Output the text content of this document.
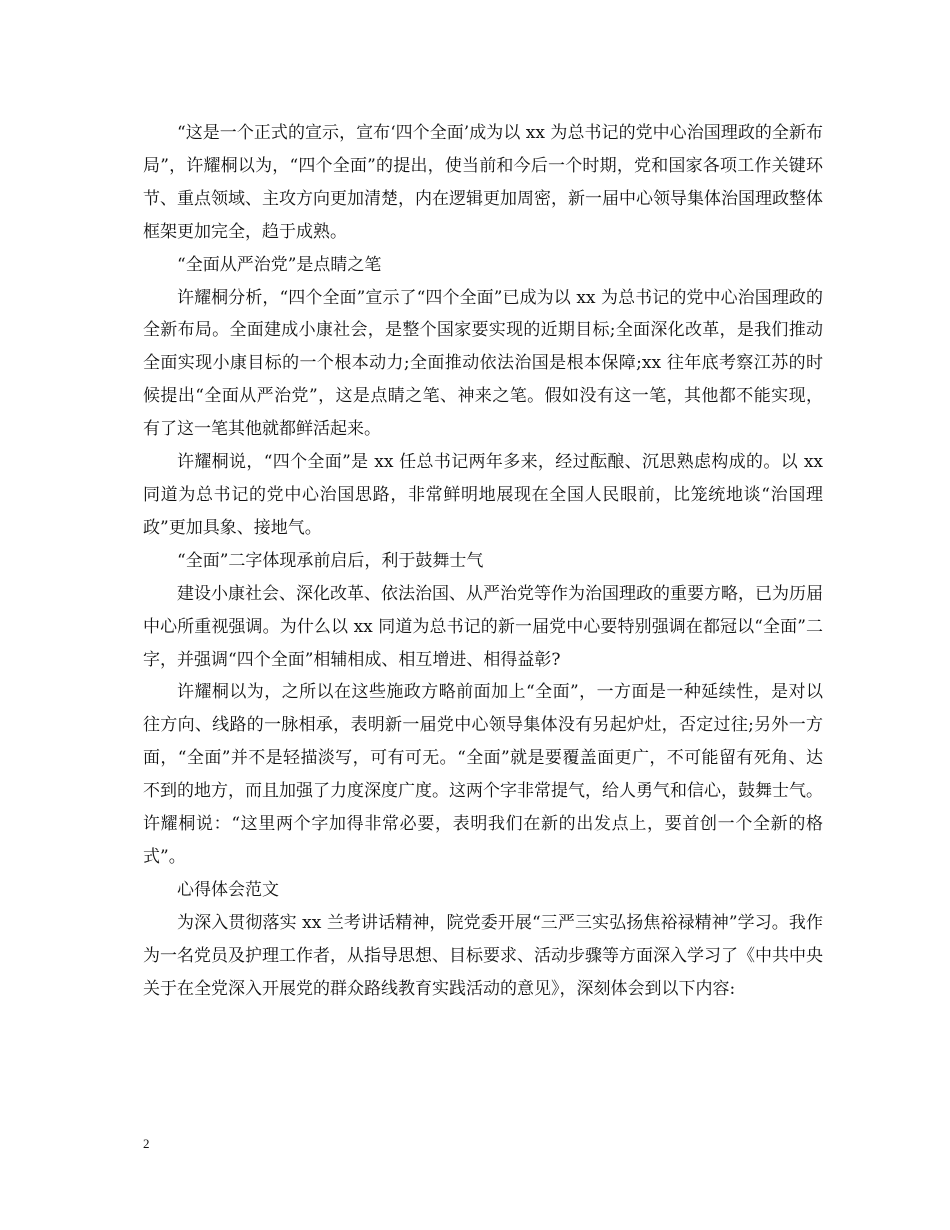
“这是一个正式的宣示，宣布‘四个全面’成为以 xx 为总书记的党中心治国理政的全新布局”，许耀桐以为，“四个全面”的提出，使当前和今后一个时期，党和国家各项工作关键环节、重点领域、主攻方向更加清楚，内在逻辑更加周密，新一届中心领导集体治国理政整体框架更加完全，趋于成熟。

“全面从严治党”是点睛之笔

许耀桐分析，“四个全面”宣示了“四个全面”已成为以 xx 为总书记的党中心治国理政的全新布局。全面建成小康社会，是整个国家要实现的近期目标;全面深化改革，是我们推动全面实现小康目标的一个根本动力;全面推动依法治国是根本保障;xx 往年底考察江苏的时候提出“全面从严治党”，这是点睛之笔、神来之笔。假如没有这一笔，其他都不能实现，有了这一笔其他就都鲜活起来。

许耀桐说，“四个全面”是 xx 任总书记两年多来，经过酝酿、沉思熟虑构成的。以 xx 同道为总书记的党中心治国思路，非常鲜明地展现在全国人民眼前，比笼统地谈“治国理政”更加具象、接地气。

“全面”二字体现承前启后，利于鼓舞士气

建设小康社会、深化改革、依法治国、从严治党等作为治国理政的重要方略，已为历届中心所重视强调。为什么以 xx 同道为总书记的新一届党中心要特别强调在都冠以“全面”二字，并强调“四个全面”相辅相成、相互增进、相得益彰?

许耀桐以为，之所以在这些施政方略前面加上“全面”，一方面是一种延续性，是对以往方向、线路的一脉相承，表明新一届党中心领导集体没有另起炉灶，否定过往;另外一方面，“全面”并不是轻描淡写，可有可无。“全面”就是要覆盖面更广，不可能留有死角、达不到的地方，而且加强了力度深度广度。这两个字非常提气，给人勇气和信心，鼓舞士气。许耀桐说：“这里两个字加得非常必要，表明我们在新的出发点上，要首创一个全新的格式”。

心得体会范文

为深入贯彻落实 xx 兰考讲话精神，院党委开展“三严三实弘扬焦裕禄精神”学习。我作为一名党员及护理工作者，从指导思想、目标要求、活动步骤等方面深入学习了《中共中央关于在全党深入开展党的群众路线教育实践活动的意见》，深刻体会到以下内容:

2
